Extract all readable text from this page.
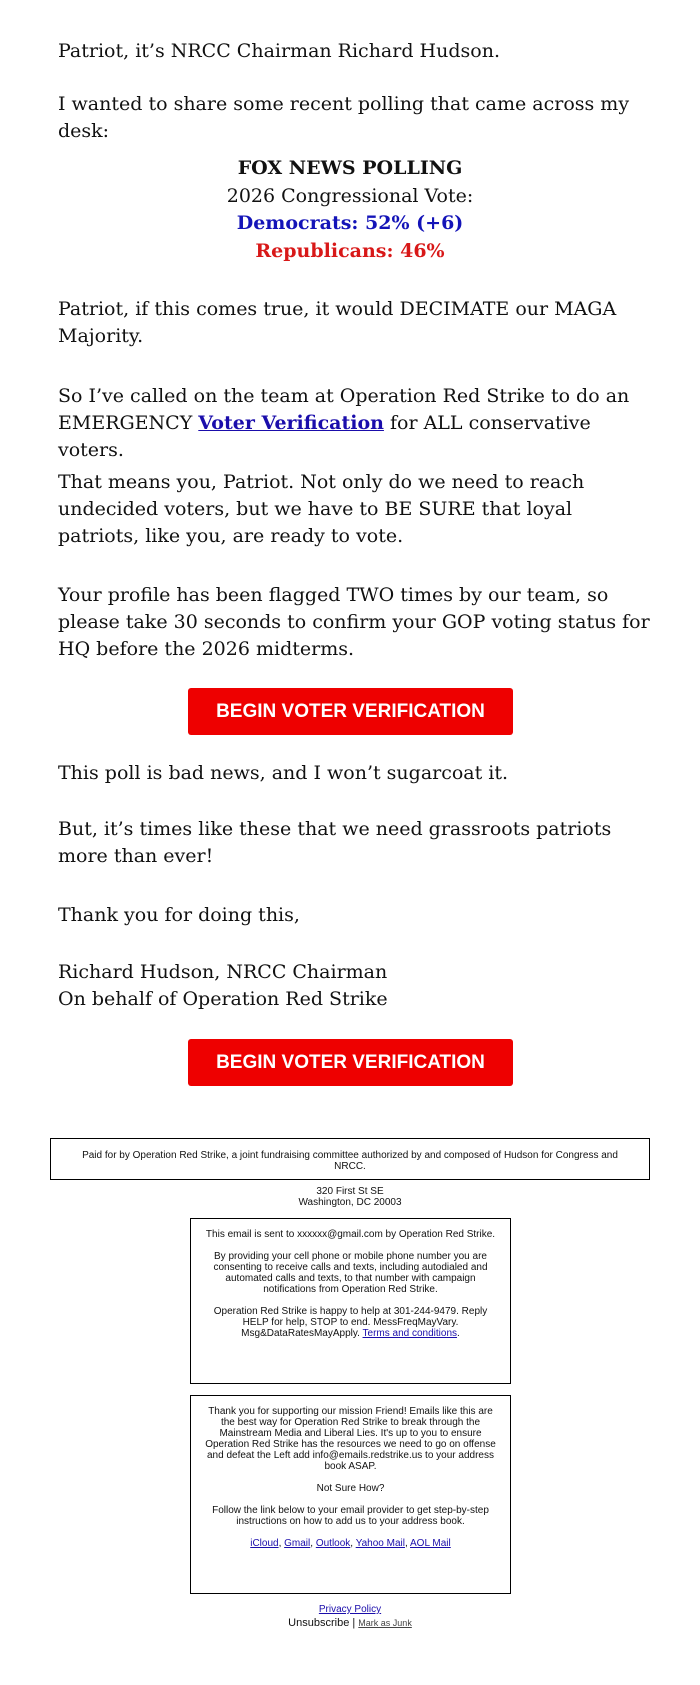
Patriot, it’s NRCC Chairman Richard Hudson.
I wanted to share some recent polling that came across my desk:
FOX NEWS POLLING
2026 Congressional Vote:
Democrats: 52% (+6)
Republicans: 46%
Patriot, if this comes true, it would DECIMATE our MAGA Majority.
So I’ve called on the team at Operation Red Strike to do an EMERGENCY Voter Verification for ALL conservative voters.
That means you, Patriot. Not only do we need to reach undecided voters, but we have to BE SURE that loyal patriots, like you, are ready to vote.
Your profile has been flagged TWO times by our team, so please take 30 seconds to confirm your GOP voting status for HQ before the 2026 midterms.
BEGIN VOTER VERIFICATION
This poll is bad news, and I won’t sugarcoat it.
But, it’s times like these that we need grassroots patriots more than ever!
Thank you for doing this,
Richard Hudson, NRCC Chairman
On behalf of Operation Red Strike
BEGIN VOTER VERIFICATION
Paid for by Operation Red Strike, a joint fundraising committee authorized by and composed of Hudson for Congress and NRCC.
320 First St SE
Washington, DC 20003

This email is sent to xxxxxx@gmail.com by Operation Red Strike.

By providing your cell phone or mobile phone number you are consenting to receive calls and texts, including autodialed and automated calls and texts, to that number with campaign notifications from Operation Red Strike.

Operation Red Strike is happy to help at 301-244-9479. Reply HELP for help, STOP to end. MessFreqMayVary. Msg&DataRatesMayApply. Terms and conditions.

Thank you for supporting our mission Friend! Emails like this are the best way for Operation Red Strike to break through the Mainstream Media and Liberal Lies. It's up to you to ensure Operation Red Strike has the resources we need to go on offense and defeat the Left add info@emails.redstrike.us to your address book ASAP.

Not Sure How?

Follow the link below to your email provider to get step-by-step instructions on how to add us to your address book.

iCloud, Gmail, Outlook, Yahoo Mail, AOL Mail

Privacy Policy
Unsubscribe | Mark as Junk
